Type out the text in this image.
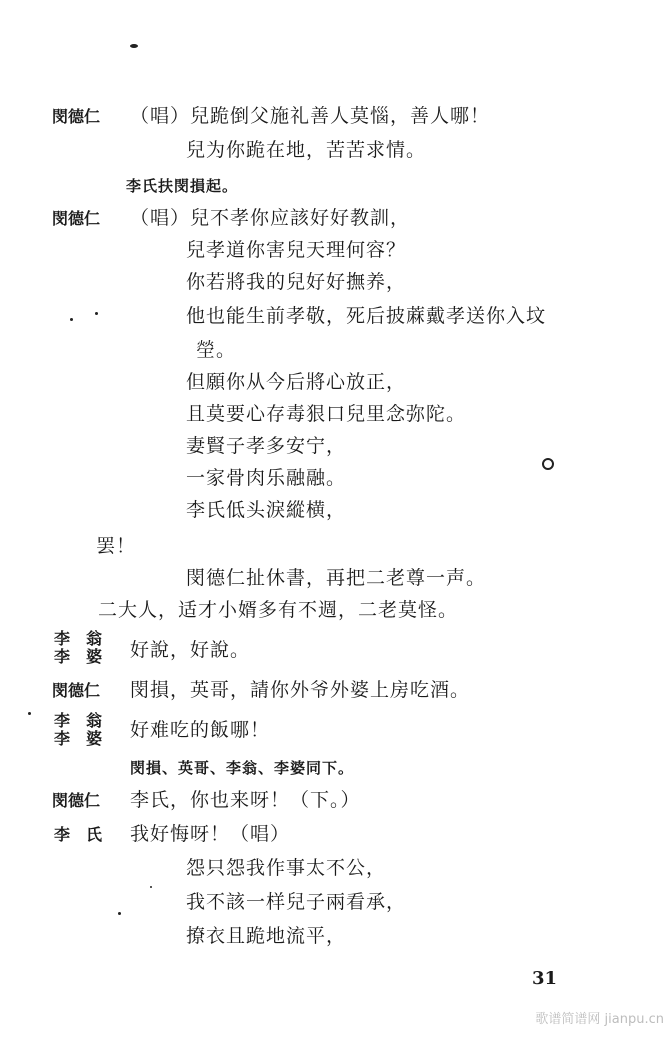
閔德仁 （唱）兒跪倒父施礼善人莫惱，善人哪！
兒为你跪在地，苦苦求情。
李氏扶閔損起。
閔德仁 （唱）兒不孝你应該好好教訓，
兒孝道你害兒天理何容？
你若將我的兒好好撫养，
他也能生前孝敬，死后披蔴戴孝送你入坟
塋。
但願你从今后將心放正，
且莫要心存毒狠口兒里念弥陀。
妻賢子孝多安宁，
一家骨肉乐融融。
李氏低头淚縱横，
罢！
閔德仁扯休書，再把二老尊一声。
二大人，适才小婿多有不週，二老莫怪。
李　翁
李　婆 好說，好說。
閔德仁 閔損，英哥，請你外爷外婆上房吃酒。
李　翁
李　婆 好难吃的飯哪！
閔損、英哥、李翁、李婆同下。
閔德仁 李氏，你也来呀！（下。）
李　氏 我好悔呀！（唱）
怨只怨我作事太不公，
我不該一样兒子兩看承，
撩衣且跪地流平，
31
歌谱简谱网 jianpu.cn
